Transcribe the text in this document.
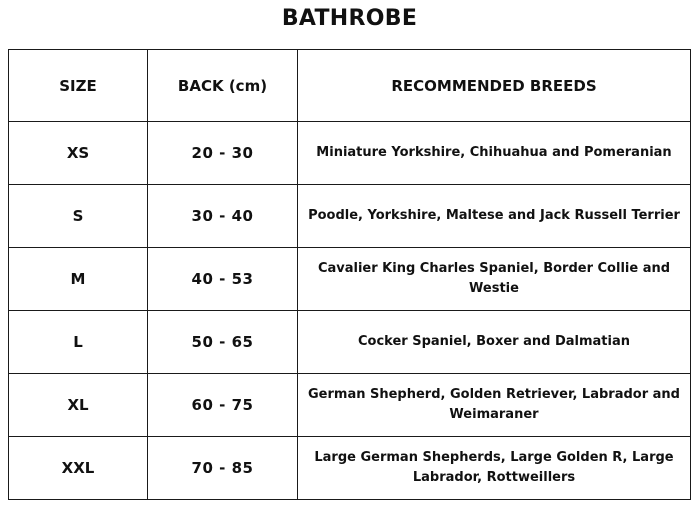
BATHROBE
SIZE	BACK (cm)	RECOMMENDED BREEDS
XS	20 - 30	Miniature Yorkshire, Chihuahua and Pomeranian
S	30 - 40	Poodle, Yorkshire, Maltese and Jack Russell Terrier
M	40 - 53	Cavalier King Charles Spaniel, Border Collie and Westie
L	50 - 65	Cocker Spaniel, Boxer and Dalmatian
XL	60 - 75	German Shepherd, Golden Retriever, Labrador and Weimaraner
XXL	70 - 85	Large German Shepherds, Large Golden R, Large Labrador, Rottweillers
